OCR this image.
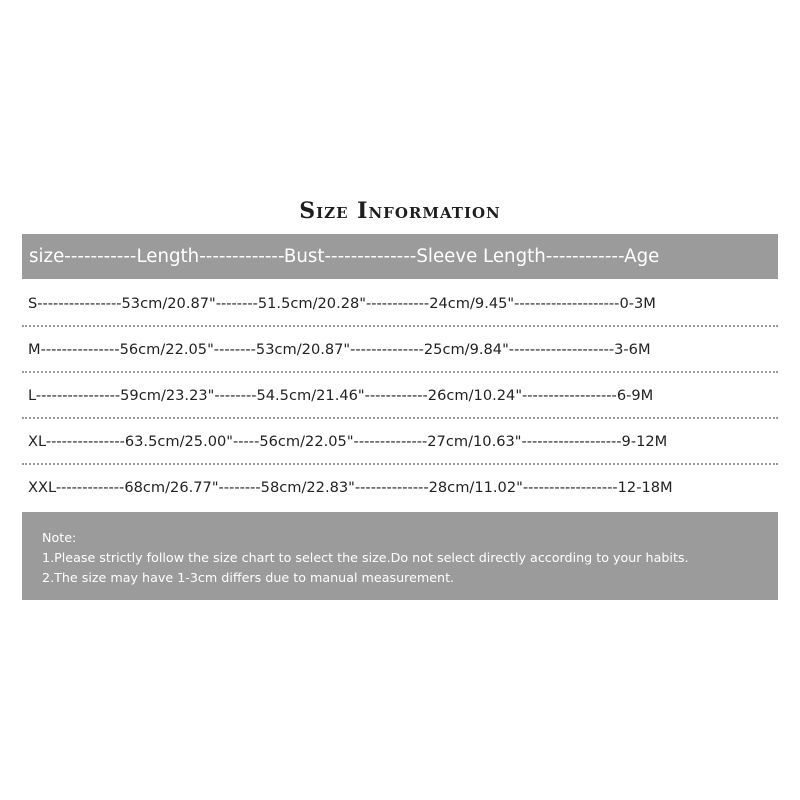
Size Information
size-----------Length-------------Bust--------------Sleeve Length------------Age
S----------------53cm/20.87"--------51.5cm/20.28"------------24cm/9.45"--------------------0-3M
M---------------56cm/22.05"--------53cm/20.87"--------------25cm/9.84"--------------------3-6M
L----------------59cm/23.23"--------54.5cm/21.46"------------26cm/10.24"------------------6-9M
XL---------------63.5cm/25.00"-----56cm/22.05"--------------27cm/10.63"-------------------9-12M
XXL-------------68cm/26.77"--------58cm/22.83"--------------28cm/11.02"------------------12-18M
Note:
1.Please strictly follow the size chart to select the size.Do not select directly according to your habits.
2.The size may have 1-3cm differs due to manual measurement.
